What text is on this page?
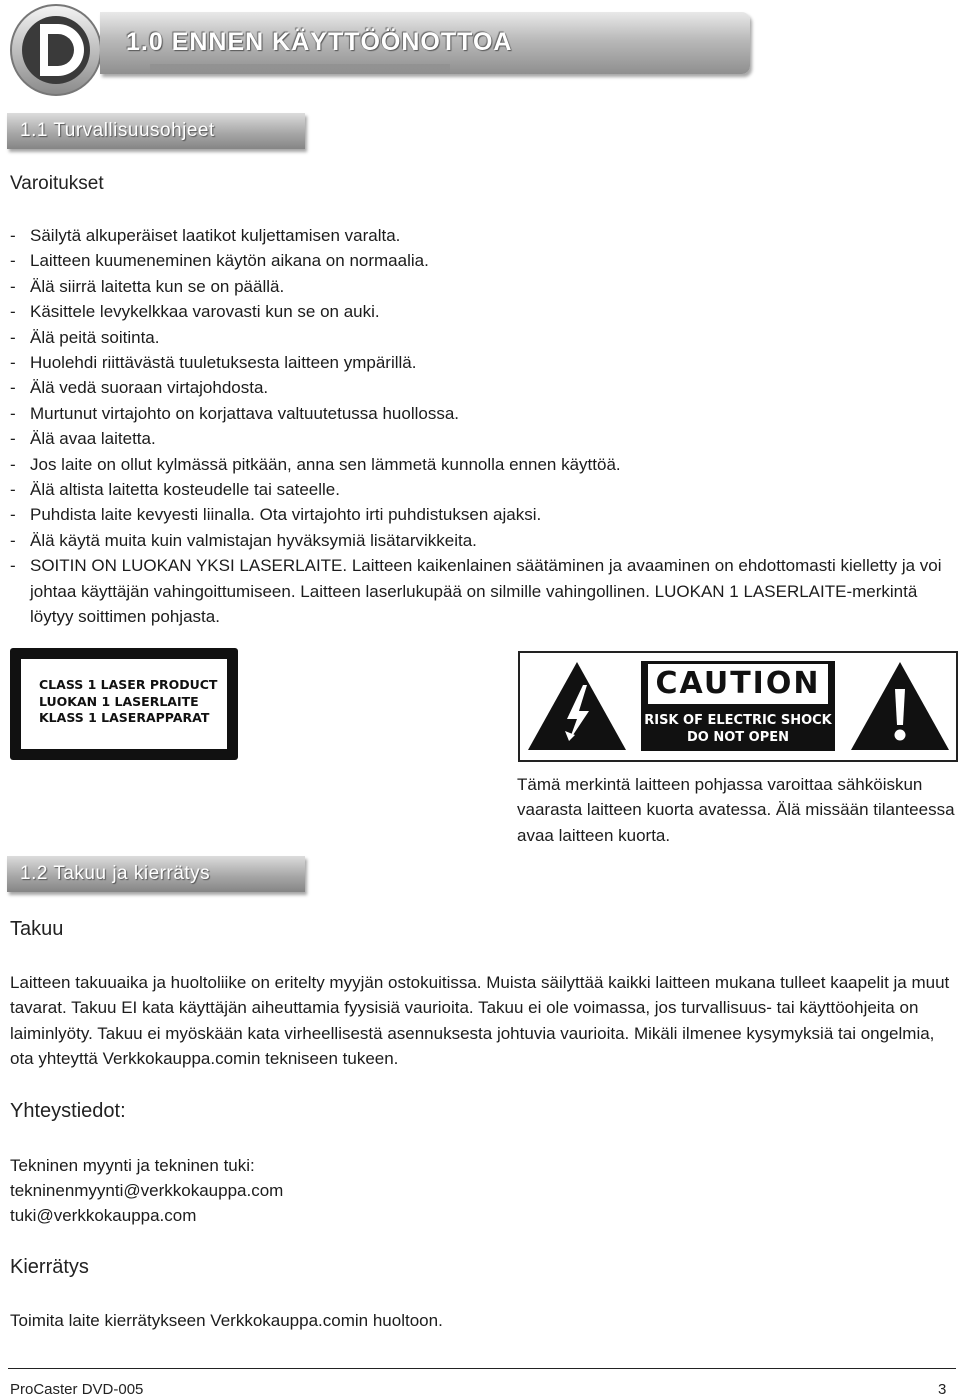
1.0 ENNEN KÄYTTÖÖNOTTOA
1.1 Turvallisuusohjeet
Varoitukset
- Säilytä alkuperäiset laatikot kuljettamisen varalta.
- Laitteen kuumeneminen käytön aikana on normaalia.
- Älä siirrä laitetta kun se on päällä.
- Käsittele levykelkkaa varovasti kun se on auki.
- Älä peitä soitinta.
- Huolehdi riittävästä tuuletuksesta laitteen ympärillä.
- Älä vedä suoraan virtajohdosta.
- Murtunut virtajohto on korjattava valtuutetussa huollossa.
- Älä avaa laitetta.
- Jos laite on ollut kylmässä pitkään, anna sen lämmetä kunnolla ennen käyttöä.
- Älä altista laitetta kosteudelle tai sateelle.
- Puhdista laite kevyesti liinalla. Ota virtajohto irti puhdistuksen ajaksi.
- Älä käytä muita kuin valmistajan hyväksymiä lisätarvikkeita.
- SOITIN ON LUOKAN YKSI LASERLAITE. Laitteen kaikenlainen säätäminen ja avaaminen on ehdottomasti kielletty ja voi johtaa käyttäjän vahingoittumiseen. Laitteen laserlukupää on silmille vahingollinen. LUOKAN 1 LASERLAITE-merkintä löytyy soittimen pohjasta.
CLASS 1 LASER PRODUCT
LUOKAN 1 LASERLAITE
KLASS 1 LASERAPPARAT
CAUTION
RISK OF ELECTRIC SHOCK
DO NOT OPEN
Tämä merkintä laitteen pohjassa varoittaa sähköiskun vaarasta laitteen kuorta avatessa. Älä missään tilanteessa avaa laitteen kuorta.
1.2 Takuu ja kierrätys
Takuu
Laitteen takuuaika ja huoltoliike on eritelty myyjän ostokuitissa. Muista säilyttää kaikki laitteen mukana tulleet kaapelit ja muut tavarat. Takuu EI kata käyttäjän aiheuttamia fyysisiä vaurioita. Takuu ei ole voimassa, jos turvallisuus- tai käyttöohjeita on laiminlyöty. Takuu ei myöskään kata virheellisestä asennuksesta johtuvia vaurioita. Mikäli ilmenee kysymyksiä tai ongelmia, ota yhteyttä Verkkokauppa.comin tekniseen tukeen.
Yhteystiedot:
Tekninen myynti ja tekninen tuki:
tekninenmyynti@verkkokauppa.com
tuki@verkkokauppa.com
Kierrätys
Toimita laite kierrätykseen Verkkokauppa.comin huoltoon.
ProCaster DVD-005	3
